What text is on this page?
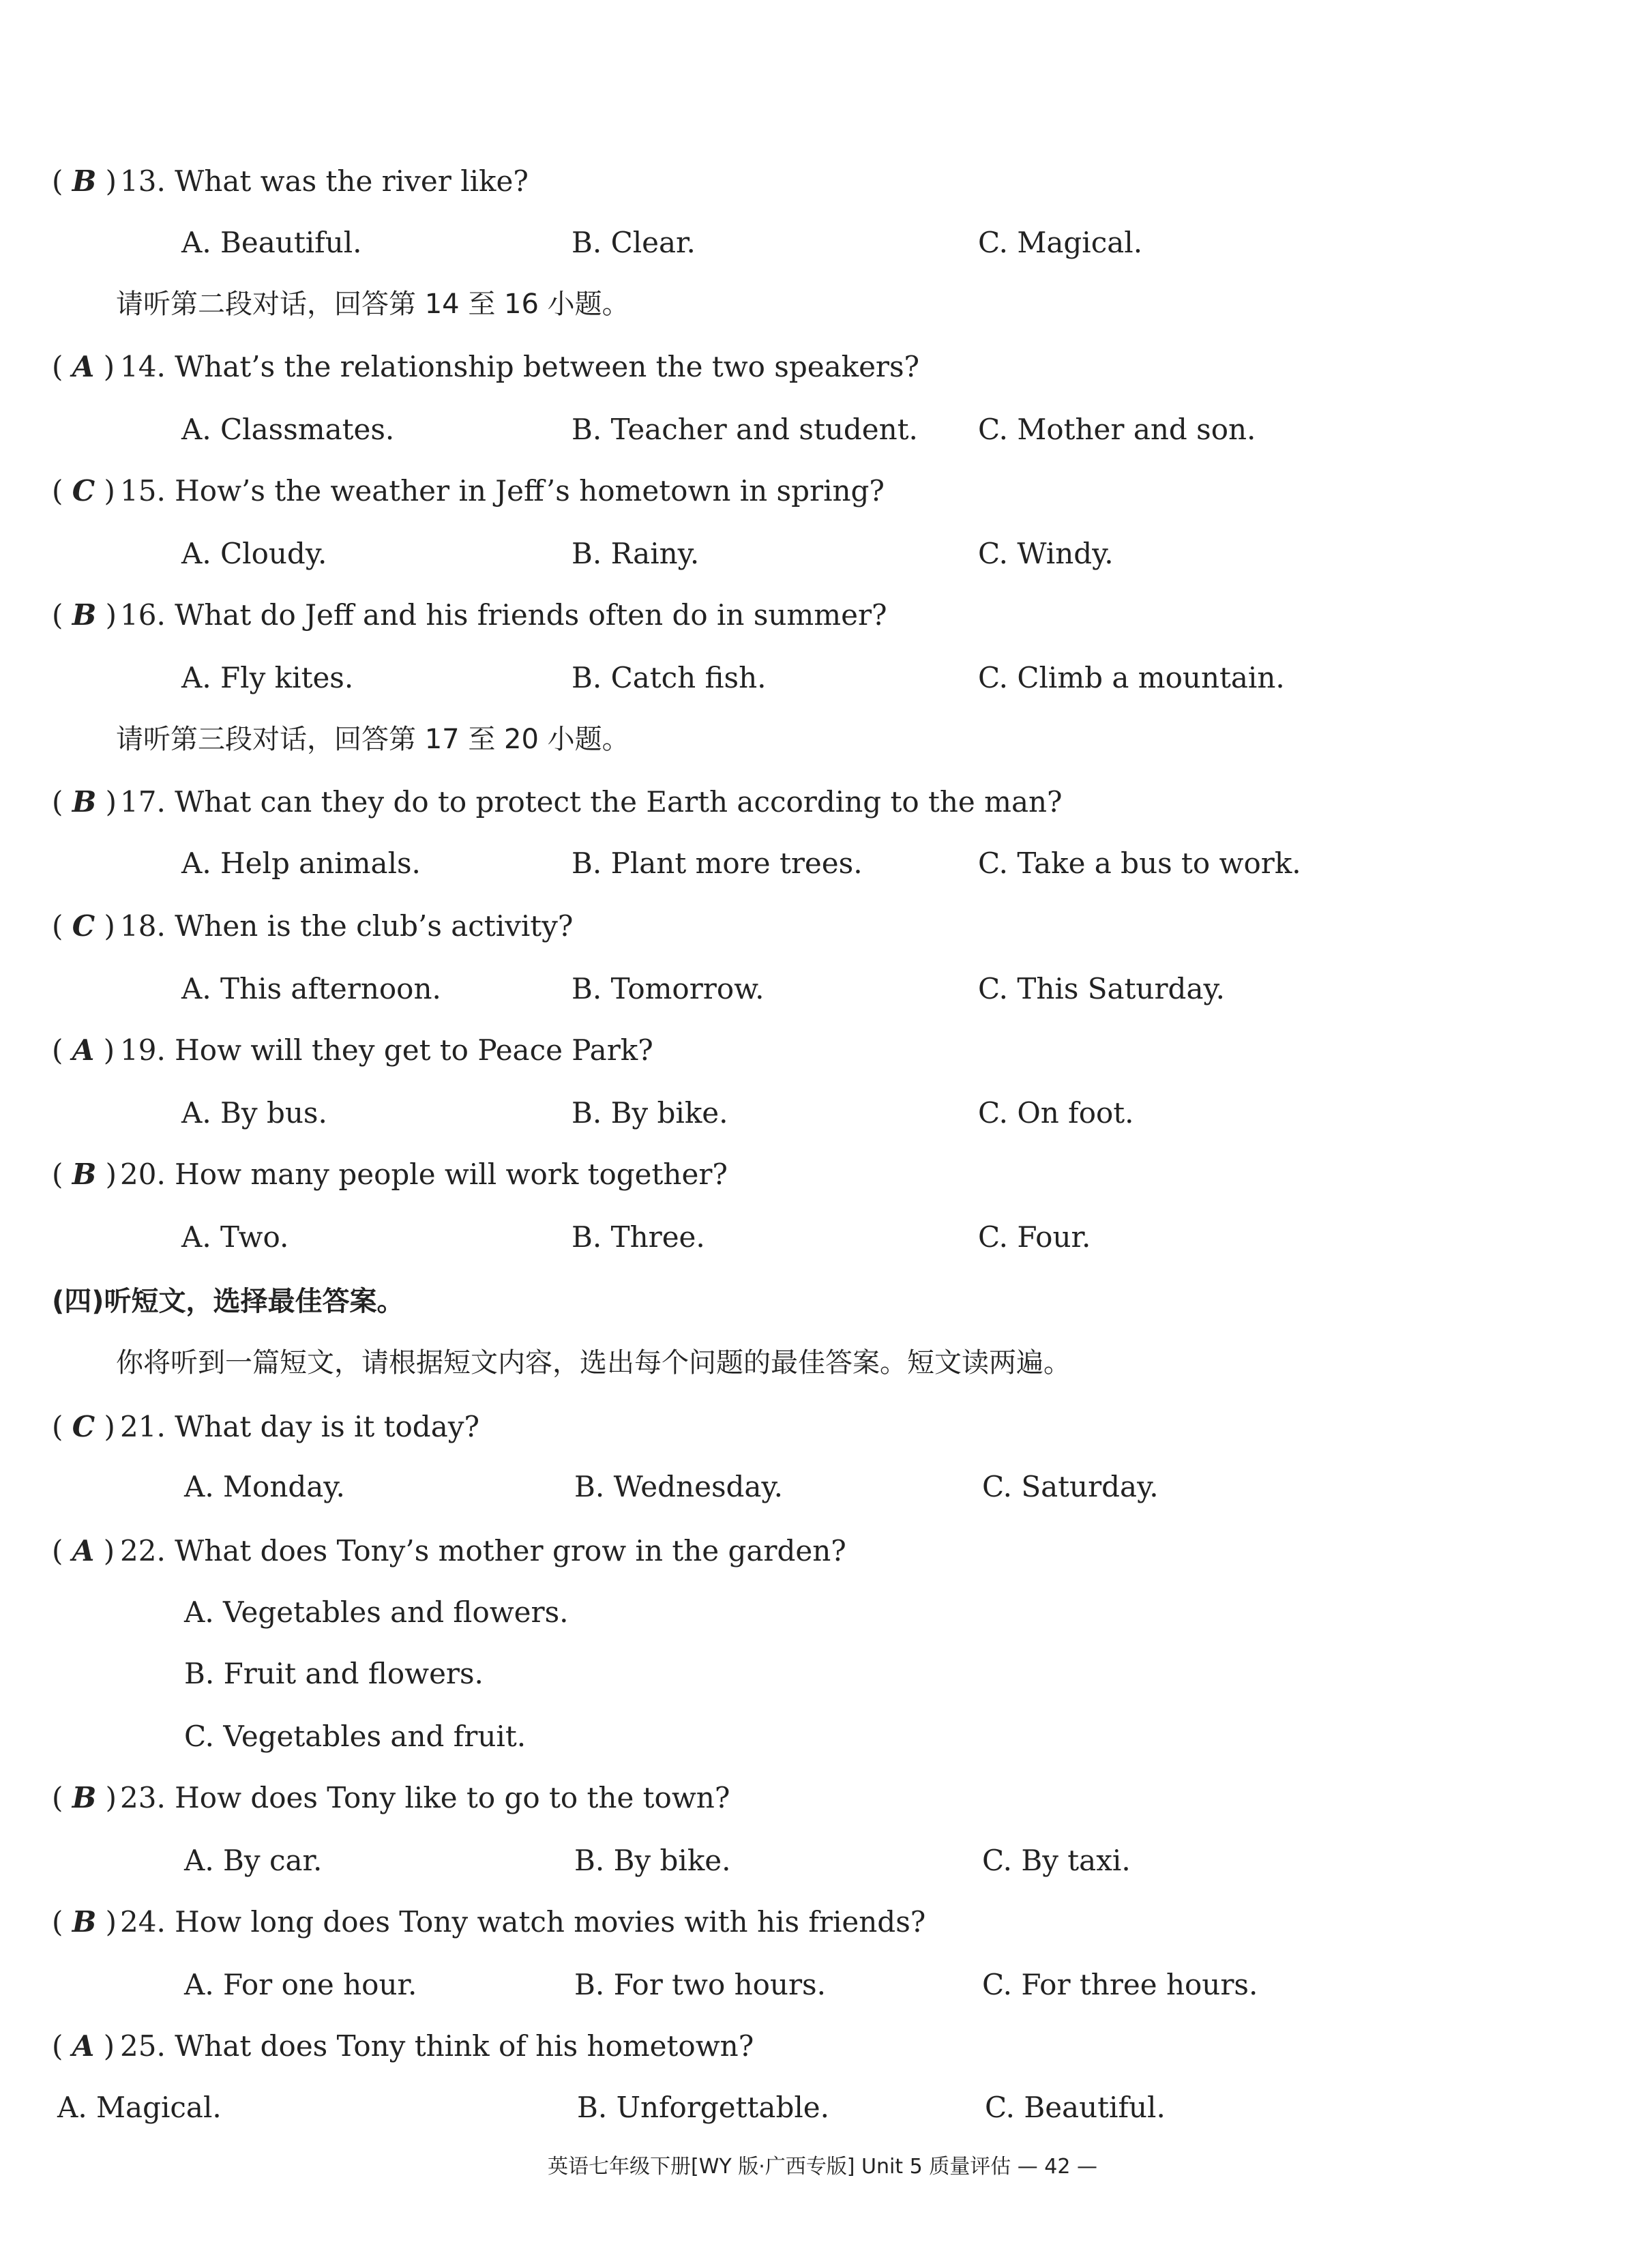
( B ) 13. What was the river like?
A. Beautiful.	B. Clear.	C. Magical.
请听第二段对话，回答第 14 至 16 小题。
( A ) 14. What’s the relationship between the two speakers?
A. Classmates.	B. Teacher and student. C. Mother and son.
( C ) 15. How’s the weather in Jeff’s hometown in spring?
A. Cloudy.	B. Rainy.	C. Windy.
( B ) 16. What do Jeff and his friends often do in summer?
A. Fly kites.	B. Catch fish.	C. Climb a mountain.
请听第三段对话，回答第 17 至 20 小题。
( B ) 17. What can they do to protect the Earth according to the man?
A. Help animals.	B. Plant more trees.	C. Take a bus to work.
( C ) 18. When is the club’s activity?
A. This afternoon.	B. Tomorrow.	C. This Saturday.
( A ) 19. How will they get to Peace Park?
A. By bus.	B. By bike.	C. On foot.
( B ) 20. How many people will work together?
A. Two.	B. Three.	C. Four.
(四)听短文，选择最佳答案。
你将听到一篇短文，请根据短文内容，选出每个问题的最佳答案。短文读两遍。
( C ) 21. What day is it today?
A. Monday.	B. Wednesday.	C. Saturday.
( A ) 22. What does Tony’s mother grow in the garden?
A. Vegetables and flowers.
B. Fruit and flowers.
C. Vegetables and fruit.
( B ) 23. How does Tony like to go to the town?
A. By car.	B. By bike.	C. By taxi.
( B ) 24. How long does Tony watch movies with his friends?
A. For one hour.	B. For two hours.	C. For three hours.
( A ) 25. What does Tony think of his hometown?
A. Magical.	B. Unforgettable.	C. Beautiful.
英语七年级下册[WY 版·广西专版] Unit 5 质量评估 — 42 —
